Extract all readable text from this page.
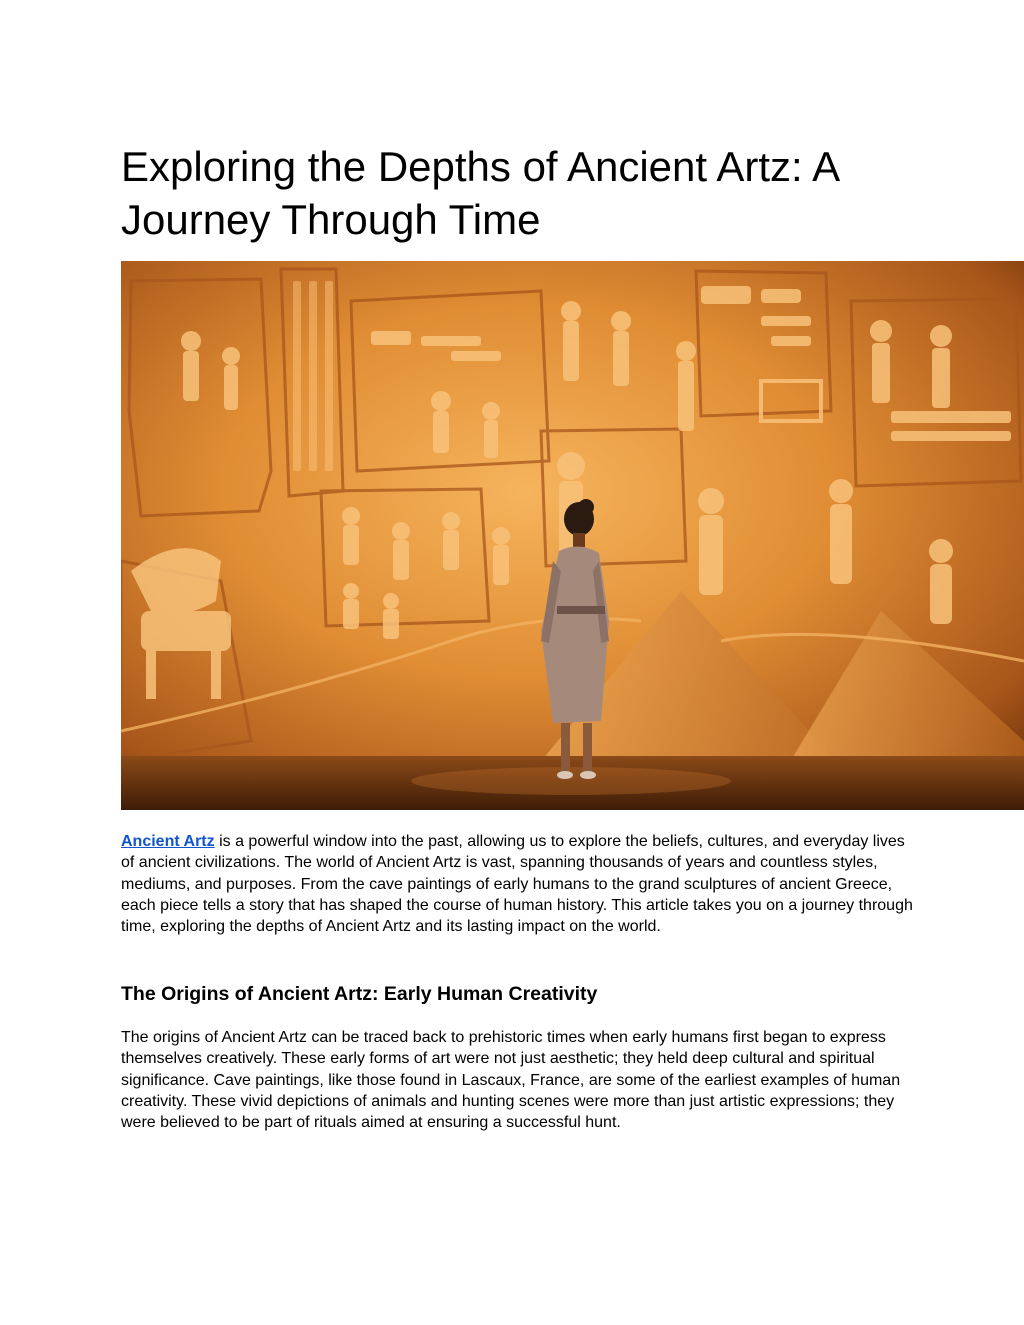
Exploring the Depths of Ancient Artz: A Journey Through Time

Ancient Artz is a powerful window into the past, allowing us to explore the beliefs, cultures, and everyday lives of ancient civilizations. The world of Ancient Artz is vast, spanning thousands of years and countless styles, mediums, and purposes. From the cave paintings of early humans to the grand sculptures of ancient Greece, each piece tells a story that has shaped the course of human history. This article takes you on a journey through time, exploring the depths of Ancient Artz and its lasting impact on the world.

The Origins of Ancient Artz: Early Human Creativity

The origins of Ancient Artz can be traced back to prehistoric times when early humans first began to express themselves creatively. These early forms of art were not just aesthetic; they held deep cultural and spiritual significance. Cave paintings, like those found in Lascaux, France, are some of the earliest examples of human creativity. These vivid depictions of animals and hunting scenes were more than just artistic expressions; they were believed to be part of rituals aimed at ensuring a successful hunt.
